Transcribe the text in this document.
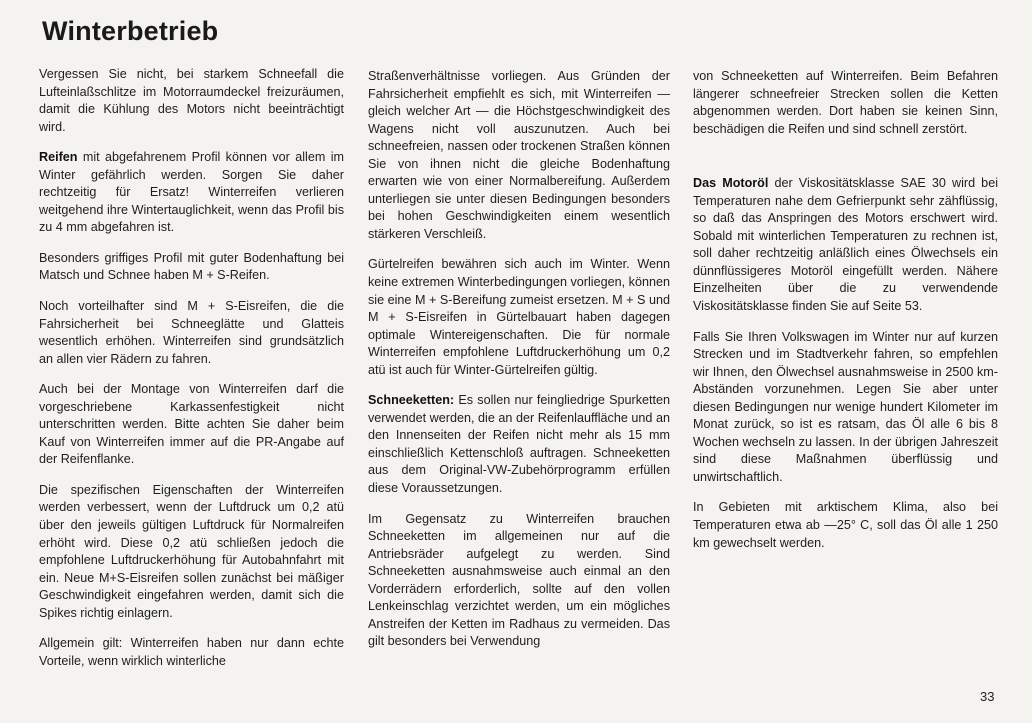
Winterbetrieb

Vergessen Sie nicht, bei starkem Schneefall die Lufteinlaßschlitze im Motorraumdeckel freizuräumen, damit die Kühlung des Motors nicht beeinträchtigt wird.

Reifen mit abgefahrenem Profil können vor allem im Winter gefährlich werden. Sorgen Sie daher rechtzeitig für Ersatz! Winterreifen verlieren weitgehend ihre Wintertauglichkeit, wenn das Profil bis zu 4 mm abgefahren ist.

Besonders griffiges Profil mit guter Bodenhaftung bei Matsch und Schnee haben M + S-Reifen.

Noch vorteilhafter sind M + S-Eisreifen, die die Fahrsicherheit bei Schneeglätte und Glatteis wesentlich erhöhen. Winterreifen sind grundsätzlich an allen vier Rädern zu fahren.

Auch bei der Montage von Winterreifen darf die vorgeschriebene Karkassenfestigkeit nicht unterschritten werden. Bitte achten Sie daher beim Kauf von Winterreifen immer auf die PR-Angabe auf der Reifenflanke.

Die spezifischen Eigenschaften der Winterreifen werden verbessert, wenn der Luftdruck um 0,2 atü über den jeweils gültigen Luftdruck für Normalreifen erhöht wird. Diese 0,2 atü schließen jedoch die empfohlene Luftdruckerhöhung für Autobahnfahrt mit ein. Neue M+S-Eisreifen sollen zunächst bei mäßiger Geschwindigkeit eingefahren werden, damit sich die Spikes richtig einlagern.

Allgemein gilt: Winterreifen haben nur dann echte Vorteile, wenn wirklich winterliche

Straßenverhältnisse vorliegen. Aus Gründen der Fahrsicherheit empfiehlt es sich, mit Winterreifen — gleich welcher Art — die Höchstgeschwindigkeit des Wagens nicht voll auszunutzen. Auch bei schneefreien, nassen oder trockenen Straßen können Sie von ihnen nicht die gleiche Bodenhaftung erwarten wie von einer Normalbereifung. Außerdem unterliegen sie unter diesen Bedingungen besonders bei hohen Geschwindigkeiten einem wesentlich stärkeren Verschleiß.

Gürtelreifen bewähren sich auch im Winter. Wenn keine extremen Winterbedingungen vorliegen, können sie eine M + S-Bereifung zumeist ersetzen. M + S und M + S-Eisreifen in Gürtelbauart haben dagegen optimale Wintereigenschaften. Die für normale Winterreifen empfohlene Luftdruckerhöhung um 0,2 atü ist auch für Winter-Gürtelreifen gültig.

Schneeketten: Es sollen nur feingliedrige Spurketten verwendet werden, die an der Reifenlauffläche und an den Innenseiten der Reifen nicht mehr als 15 mm einschließlich Kettenschloß auftragen. Schneeketten aus dem Original-VW-Zubehörprogramm erfüllen diese Voraussetzungen.

Im Gegensatz zu Winterreifen brauchen Schneeketten im allgemeinen nur auf die Antriebsräder aufgelegt zu werden. Sind Schneeketten ausnahmsweise auch einmal an den Vorderrädern erforderlich, sollte auf den vollen Lenkeinschlag verzichtet werden, um ein mögliches Anstreifen der Ketten im Radhaus zu vermeiden. Das gilt besonders bei Verwendung

von Schneeketten auf Winterreifen. Beim Befahren längerer schneefreier Strecken sollen die Ketten abgenommen werden. Dort haben sie keinen Sinn, beschädigen die Reifen und sind schnell zerstört.

Das Motoröl der Viskositätsklasse SAE 30 wird bei Temperaturen nahe dem Gefrierpunkt sehr zähflüssig, so daß das Anspringen des Motors erschwert wird. Sobald mit winterlichen Temperaturen zu rechnen ist, soll daher rechtzeitig anläßlich eines Ölwechsels ein dünnflüssigeres Motoröl eingefüllt werden. Nähere Einzelheiten über die zu verwendende Viskositätsklasse finden Sie auf Seite 53.

Falls Sie Ihren Volkswagen im Winter nur auf kurzen Strecken und im Stadtverkehr fahren, so empfehlen wir Ihnen, den Ölwechsel ausnahmsweise in 2500 km-Abständen vorzunehmen. Legen Sie aber unter diesen Bedingungen nur wenige hundert Kilometer im Monat zurück, so ist es ratsam, das Öl alle 6 bis 8 Wochen wechseln zu lassen. In der übrigen Jahreszeit sind diese Maßnahmen überflüssig und unwirtschaftlich.

In Gebieten mit arktischem Klima, also bei Temperaturen etwa ab —25° C, soll das Öl alle 1 250 km gewechselt werden.

33
